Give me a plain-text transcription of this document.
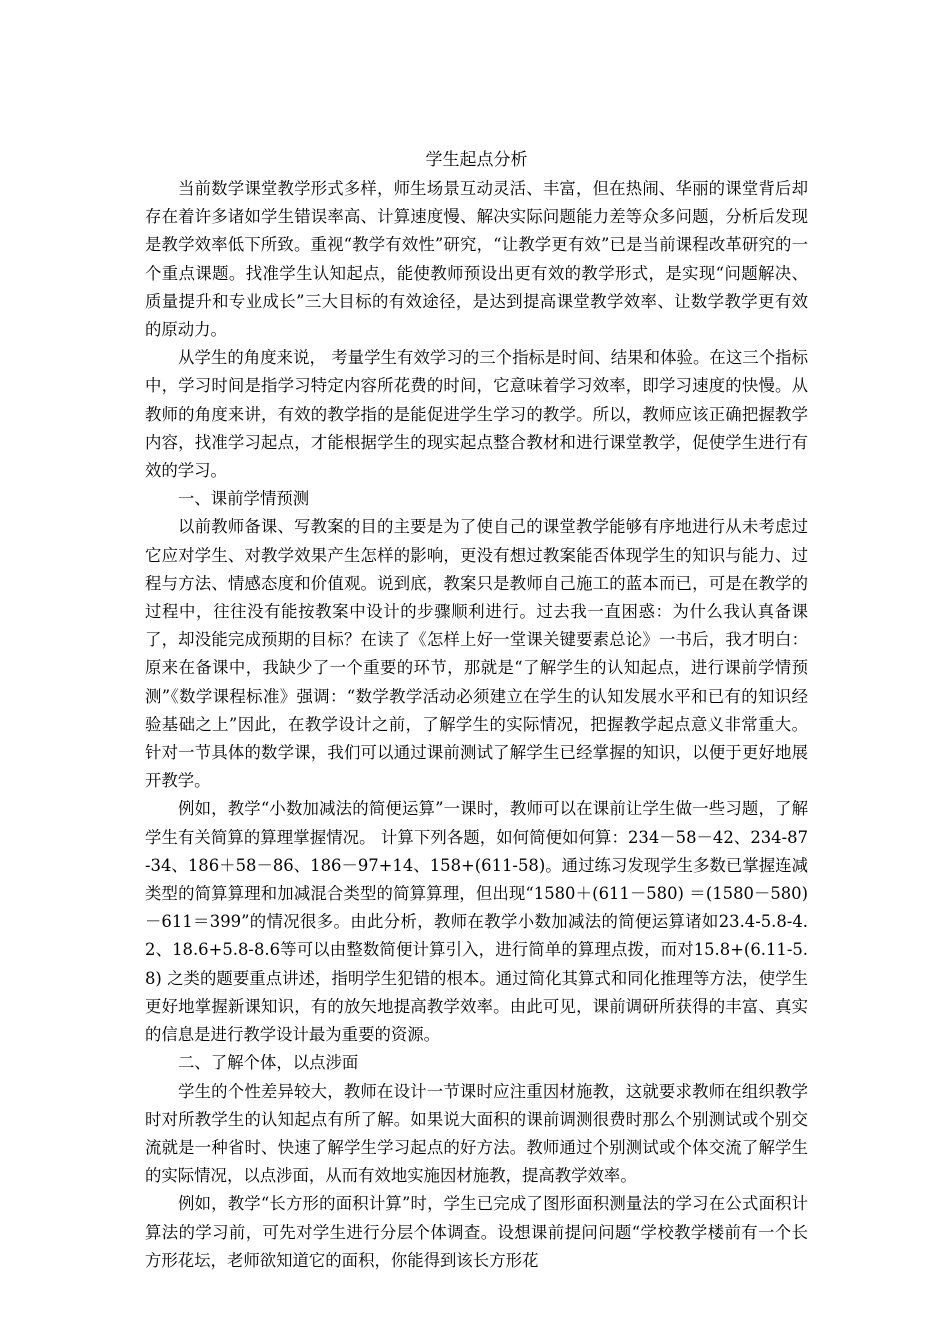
学生起点分析

当前数学课堂教学形式多样，师生场景互动灵活、丰富，但在热闹、华丽的课堂背后却存在着许多诸如学生错误率高、计算速度慢、解决实际问题能力差等众多问题，分析后发现是教学效率低下所致。重视“教学有效性”研究，“让教学更有效”已是当前课程改革研究的一个重点课题。找准学生认知起点，能使教师预设出更有效的教学形式，是实现“问题解决、质量提升和专业成长”三大目标的有效途径，是达到提高课堂教学效率、让数学教学更有效的原动力。

从学生的角度来说， 考量学生有效学习的三个指标是时间、结果和体验。在这三个指标中，学习时间是指学习特定内容所花费的时间，它意味着学习效率，即学习速度的快慢。从教师的角度来讲，有效的教学指的是能促进学生学习的教学。所以，教师应该正确把握教学内容，找准学习起点，才能根据学生的现实起点整合教材和进行课堂教学，促使学生进行有效的学习。

一、课前学情预测

以前教师备课、写教案的目的主要是为了使自己的课堂教学能够有序地进行从未考虑过它应对学生、对教学效果产生怎样的影响，更没有想过教案能否体现学生的知识与能力、过程与方法、情感态度和价值观。说到底，教案只是教师自己施工的蓝本而已，可是在教学的过程中，往往没有能按教案中设计的步骤顺利进行。过去我一直困惑：为什么我认真备课了，却没能完成预期的目标？在读了《怎样上好一堂课关键要素总论》一书后，我才明白：原来在备课中，我缺少了一个重要的环节，那就是“了解学生的认知起点，进行课前学情预测”《数学课程标准》强调：“数学教学活动必须建立在学生的认知发展水平和已有的知识经验基础之上”因此，在教学设计之前，了解学生的实际情况，把握教学起点意义非常重大。针对一节具体的数学课，我们可以通过课前测试了解学生已经掌握的知识，以便于更好地展开教学。

例如，教学“小数加减法的简便运算”一课时，教师可以在课前让学生做一些习题，了解学生有关简算的算理掌握情况。 计算下列各题，如何简便如何算：234－58－42、234-87-34、186＋58－86、186－97+14、158+(611-58)。通过练习发现学生多数已掌握连减类型的简算算理和加减混合类型的简算算理，但出现“1580＋(611－580) ＝(1580－580)－611＝399”的情况很多。由此分析，教师在教学小数加减法的简便运算诸如23.4-5.8-4.2、18.6+5.8-8.6等可以由整数简便计算引入，进行简单的算理点拨，而对15.8+(6.11-5.8) 之类的题要重点讲述，指明学生犯错的根本。通过简化其算式和同化推理等方法，使学生更好地掌握新课知识，有的放矢地提高教学效率。由此可见，课前调研所获得的丰富、真实的信息是进行教学设计最为重要的资源。

二、了解个体，以点涉面

学生的个性差异较大，教师在设计一节课时应注重因材施教，这就要求教师在组织教学时对所教学生的认知起点有所了解。如果说大面积的课前调测很费时那么个别测试或个别交流就是一种省时、快速了解学生学习起点的好方法。教师通过个别测试或个体交流了解学生的实际情况，以点涉面，从而有效地实施因材施教，提高教学效率。

例如，教学“长方形的面积计算”时，学生已完成了图形面积测量法的学习在公式面积计算法的学习前，可先对学生进行分层个体调查。设想课前提问问题“学校教学楼前有一个长方形花坛，老师欲知道它的面积，你能得到该长方形花
